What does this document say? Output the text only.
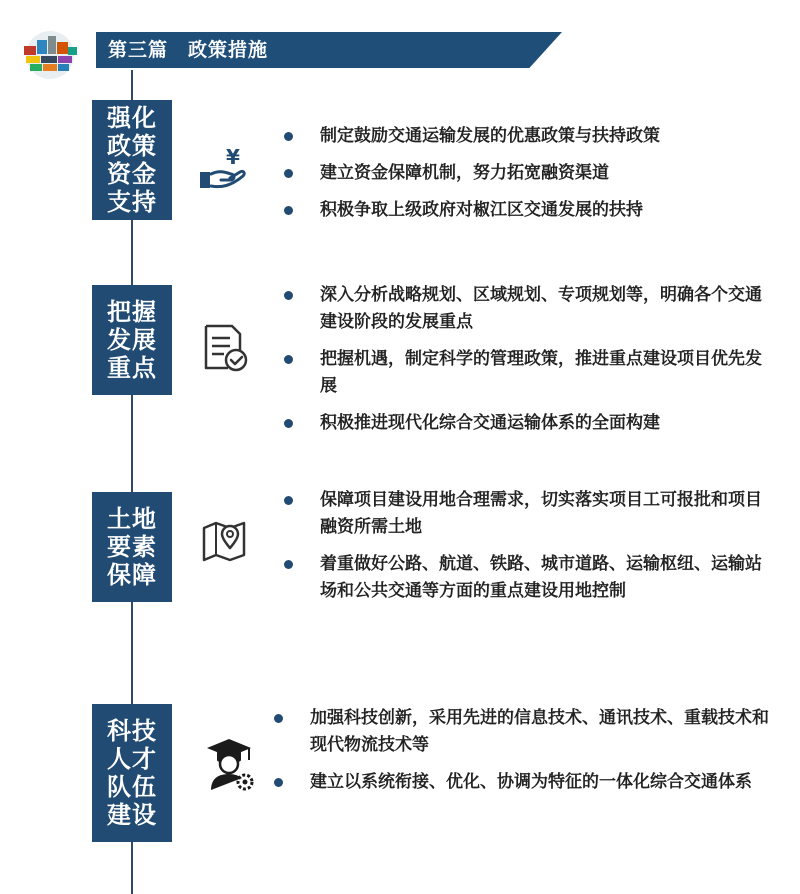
第三篇　政策措施
强化
政策
资金
支持
¥
制定鼓励交通运输发展的优惠政策与扶持政策
建立资金保障机制，努力拓宽融资渠道
积极争取上级政府对椒江区交通发展的扶持
把握
发展
重点
深入分析战略规划、区域规划、专项规划等，明确各个交通建设阶段的发展重点
把握机遇，制定科学的管理政策，推进重点建设项目优先发展
积极推进现代化综合交通运输体系的全面构建
土地
要素
保障
保障项目建设用地合理需求，切实落实项目工可报批和项目融资所需土地
着重做好公路、航道、铁路、城市道路、运输枢纽、运输站场和公共交通等方面的重点建设用地控制
科技
人才
队伍
建设
加强科技创新，采用先进的信息技术、通讯技术、重载技术和现代物流技术等
建立以系统衔接、优化、协调为特征的一体化综合交通体系
